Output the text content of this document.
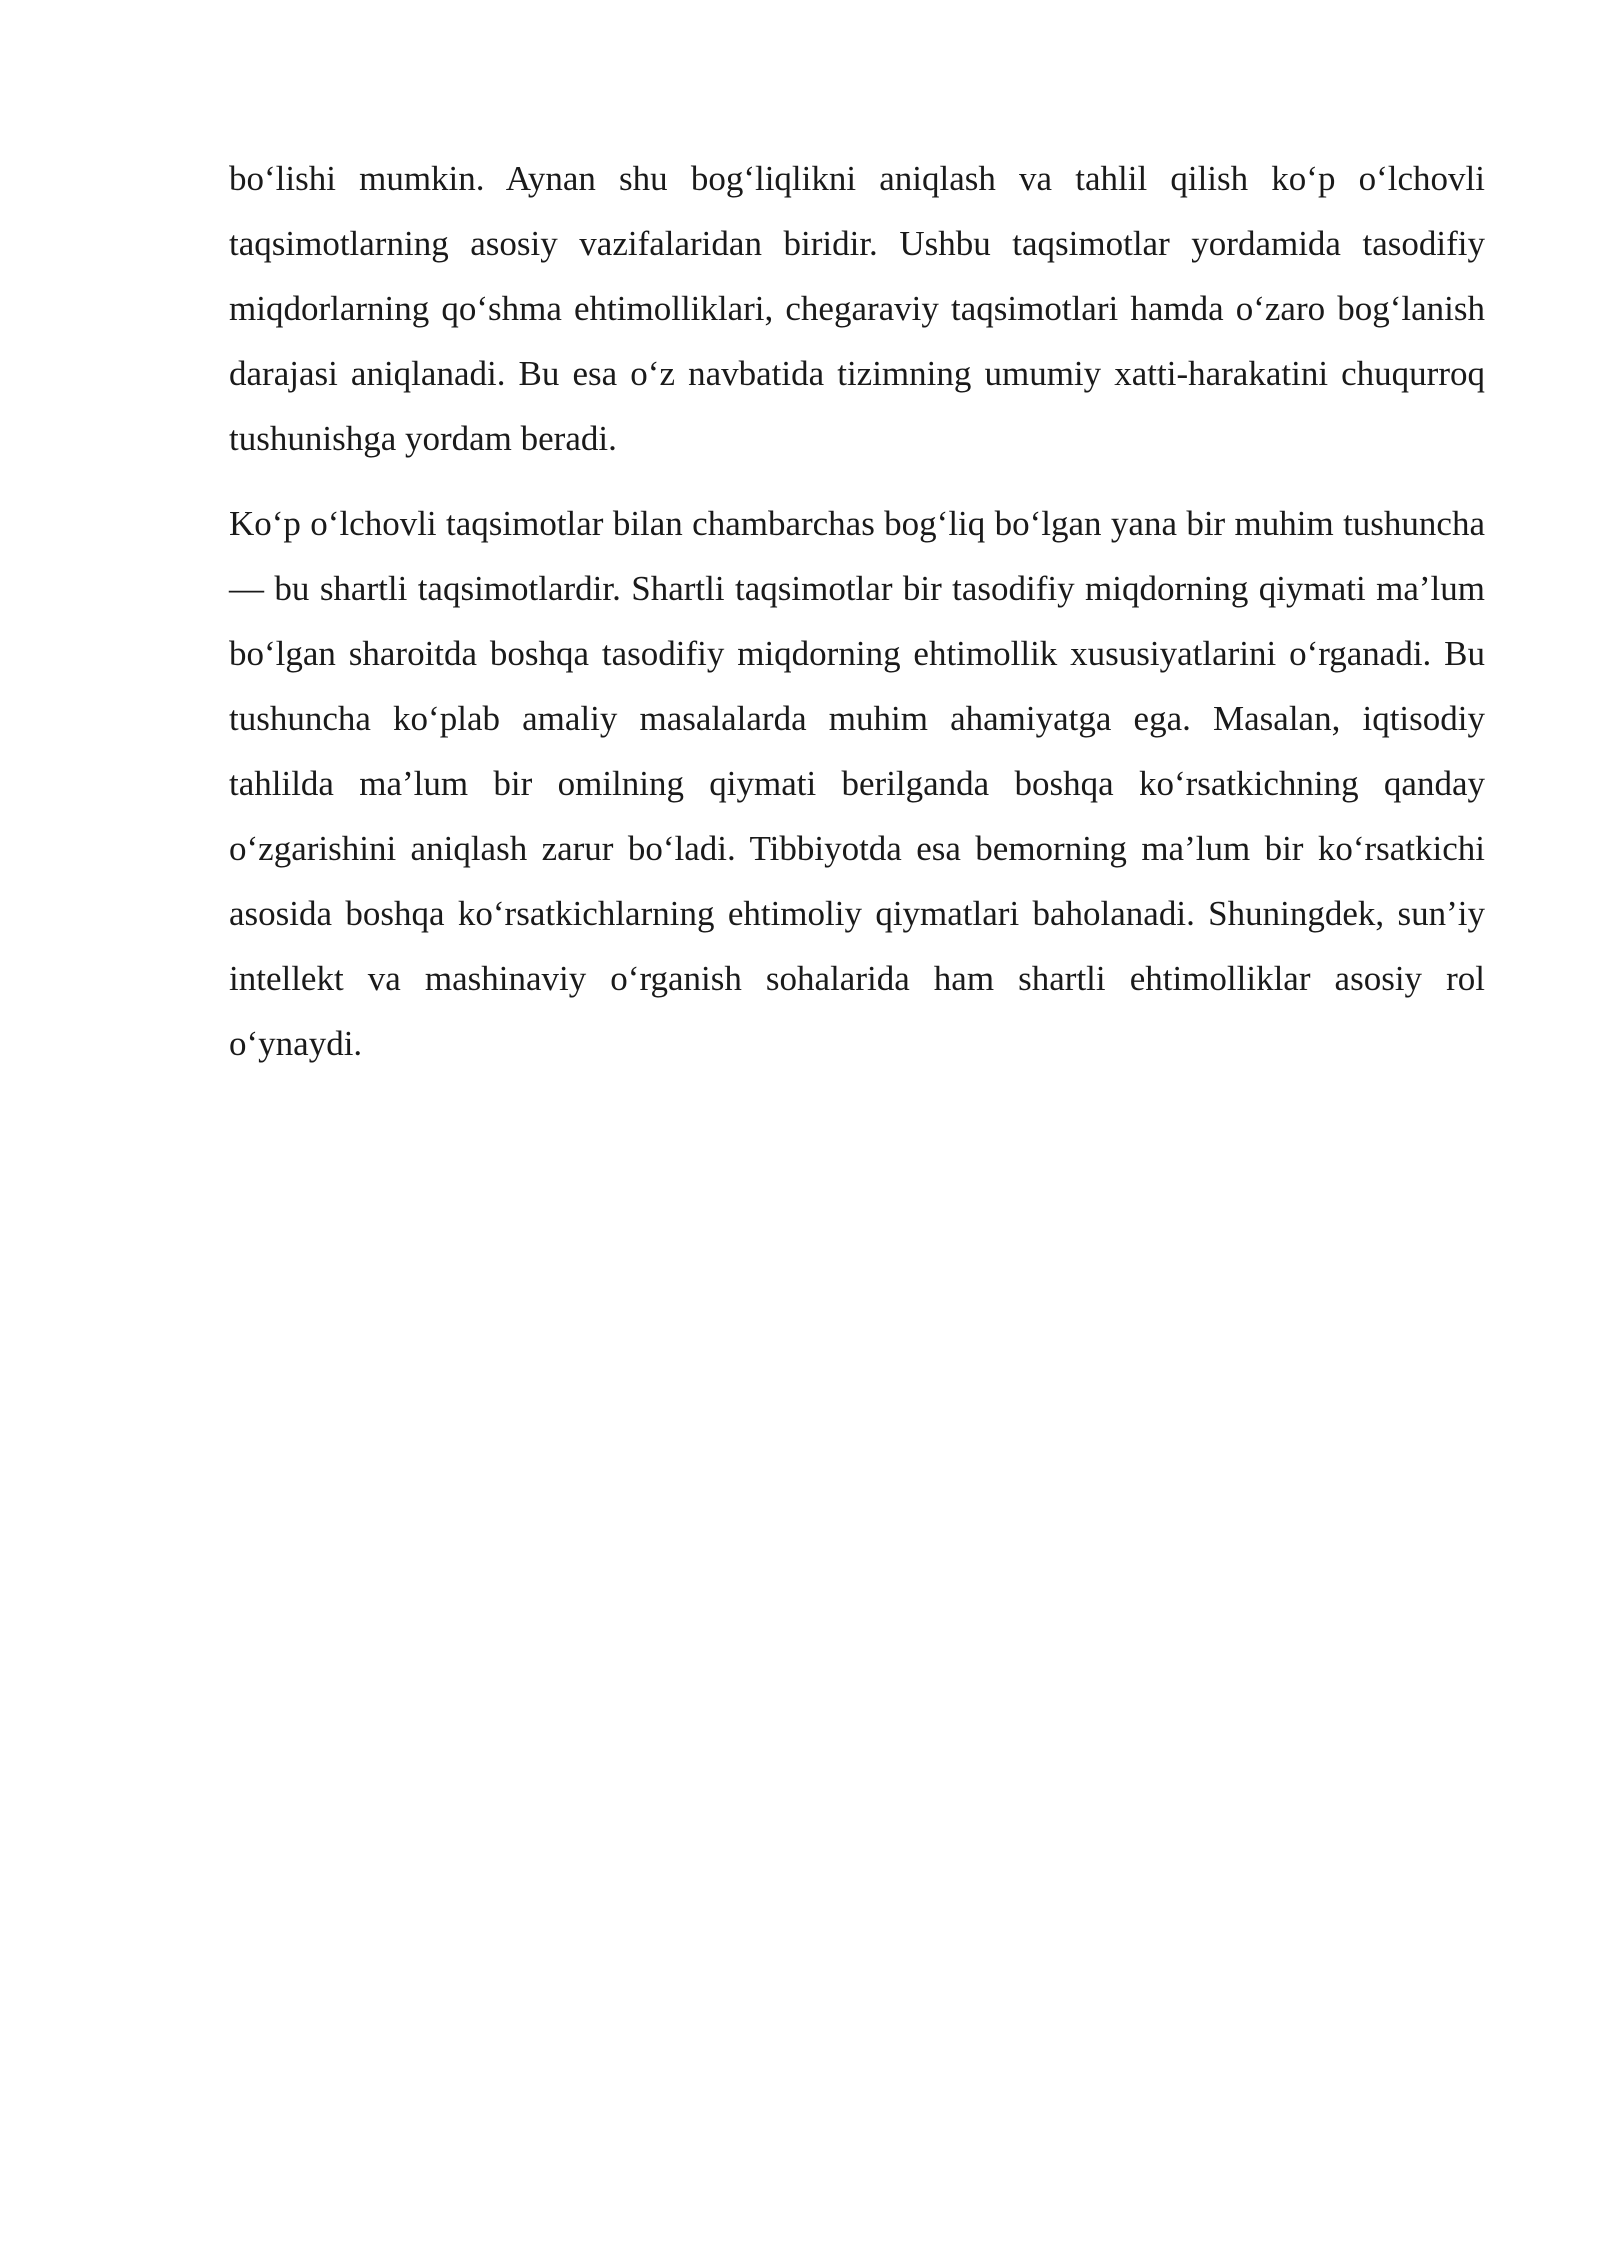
bo‘lishi mumkin. Aynan shu bog‘liqlikni aniqlash va tahlil qilish ko‘p o‘lchovli taqsimotlarning asosiy vazifalaridan biridir. Ushbu taqsimotlar yordamida tasodifiy miqdorlarning qo‘shma ehtimolliklari, chegaraviy taqsimotlari hamda o‘zaro bog‘lanish darajasi aniqlanadi. Bu esa o‘z navbatida tizimning umumiy xatti-harakatini chuqurroq tushunishga yordam beradi.

Ko‘p o‘lchovli taqsimotlar bilan chambarchas bog‘liq bo‘lgan yana bir muhim tushuncha — bu shartli taqsimotlardir. Shartli taqsimotlar bir tasodifiy miqdorning qiymati ma’lum bo‘lgan sharoitda boshqa tasodifiy miqdorning ehtimollik xususiyatlarini o‘rganadi. Bu tushuncha ko‘plab amaliy masalalarda muhim ahamiyatga ega. Masalan, iqtisodiy tahlilda ma’lum bir omilning qiymati berilganda boshqa ko‘rsatkichning qanday o‘zgarishini aniqlash zarur bo‘ladi. Tibbiyotda esa bemorning ma’lum bir ko‘rsatkichi asosida boshqa ko‘rsatkichlarning ehtimoliy qiymatlari baholanadi. Shuningdek, sun’iy intellekt va mashinaviy o‘rganish sohalarida ham shartli ehtimolliklar asosiy rol o‘ynaydi.
